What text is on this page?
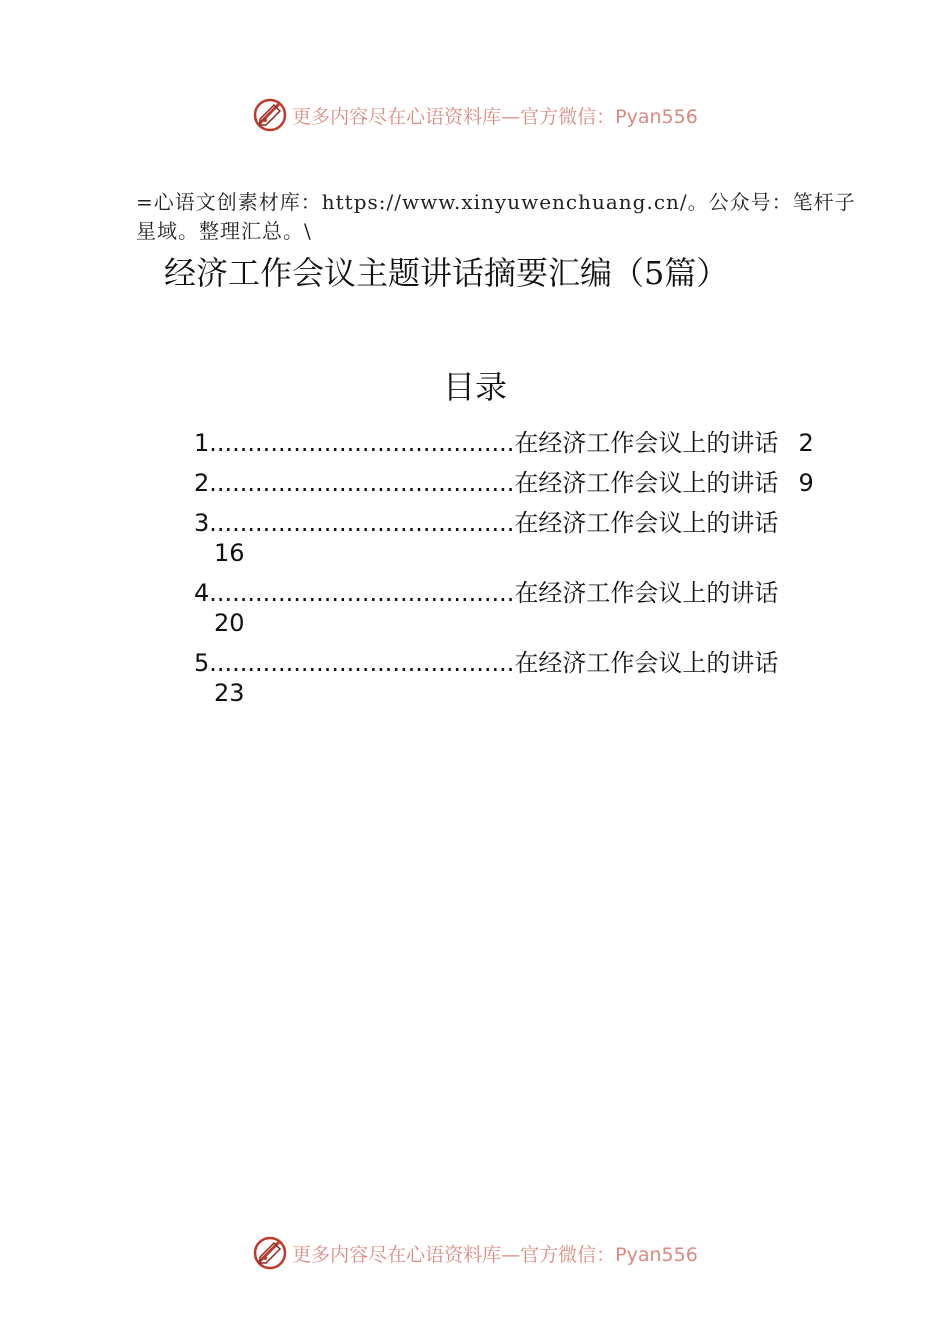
更多内容尽在心语资料库— 官方微信：Pyan556
=心语文创素材库：https://www.xinyuwenchuang.cn/。公众号：笔杆子星域。整理汇总。\
经济工作会议主题讲话摘要汇编（5篇）
目录
1........................................在经济工作会议上的讲话 2
2........................................在经济工作会议上的讲话 9
3........................................在经济工作会议上的讲话
16
4........................................在经济工作会议上的讲话
20
5........................................在经济工作会议上的讲话
23
更多内容尽在心语资料库— 官方微信：Pyan556
